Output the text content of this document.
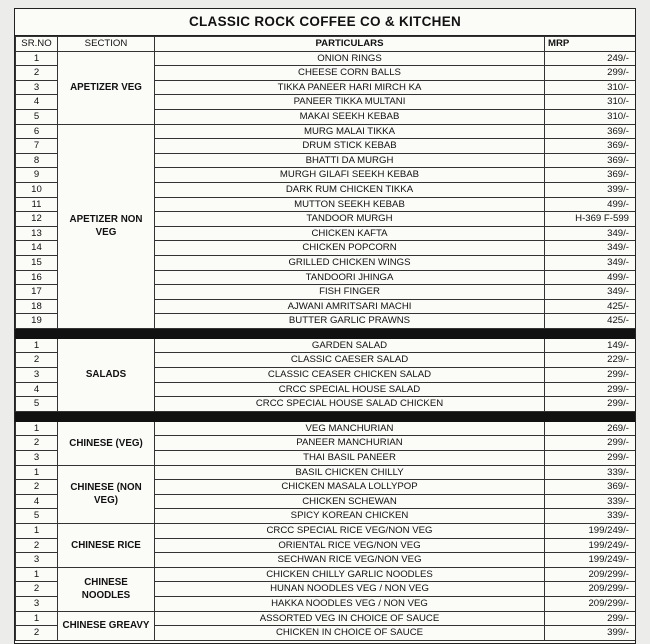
CLASSIC ROCK COFFEE CO & KITCHEN
SR.NO	SECTION	PARTICULARS	MRP
1	APETIZER VEG	ONION RINGS	249/-
2		CHEESE CORN BALLS	299/-
3		TIKKA PANEER HARI MIRCH KA	310/-
4		PANEER TIKKA MULTANI	310/-
5		MAKAI SEEKH KEBAB	310/-
6	APETIZER NON VEG	MURG MALAI TIKKA	369/-
7		DRUM STICK KEBAB	369/-
8		BHATTI DA MURGH	369/-
9		MURGH GILAFI SEEKH KEBAB	369/-
10		DARK RUM CHICKEN TIKKA	399/-
11		MUTTON SEEKH KEBAB	499/-
12		TANDOOR MURGH	H-369 F-599
13		CHICKEN KAFTA	349/-
14		CHICKEN POPCORN	349/-
15		GRILLED CHICKEN WINGS	349/-
16		TANDOORI JHINGA	499/-
17		FISH FINGER	349/-
18		AJWANI AMRITSARI MACHI	425/-
19		BUTTER GARLIC PRAWNS	425/-

1	SALADS	GARDEN SALAD	149/-
2		CLASSIC CAESER SALAD	229/-
3		CLASSIC CEASER CHICKEN SALAD	299/-
4		CRCC SPECIAL HOUSE SALAD	299/-
5		CRCC SPECIAL HOUSE SALAD CHICKEN	299/-

1	CHINESE (VEG)	VEG MANCHURIAN	269/-
2		PANEER MANCHURIAN	299/-
3		THAI BASIL PANEER	299/-
1	CHINESE (NON VEG)	BASIL CHICKEN CHILLY	339/-
2		CHICKEN MASALA LOLLYPOP	369/-
4		CHICKEN SCHEWAN	339/-
5		SPICY KOREAN CHICKEN	339/-
1	CHINESE RICE	CRCC SPECIAL RICE VEG/NON VEG	199/249/-
2		ORIENTAL RICE VEG/NON VEG	199/249/-
3		SECHWAN RICE VEG/NON VEG	199/249/-
1	CHINESE NOODLES	CHICKEN CHILLY GARLIC NOODLES	209/299/-
2		HUNAN NOODLES VEG / NON VEG	209/299/-
3		HAKKA NOODLES VEG / NON VEG	209/299/-
1	CHINESE GREAVY	ASSORTED VEG IN CHOICE OF SAUCE	299/-
2		CHICKEN IN CHOICE OF SAUCE	399/-
